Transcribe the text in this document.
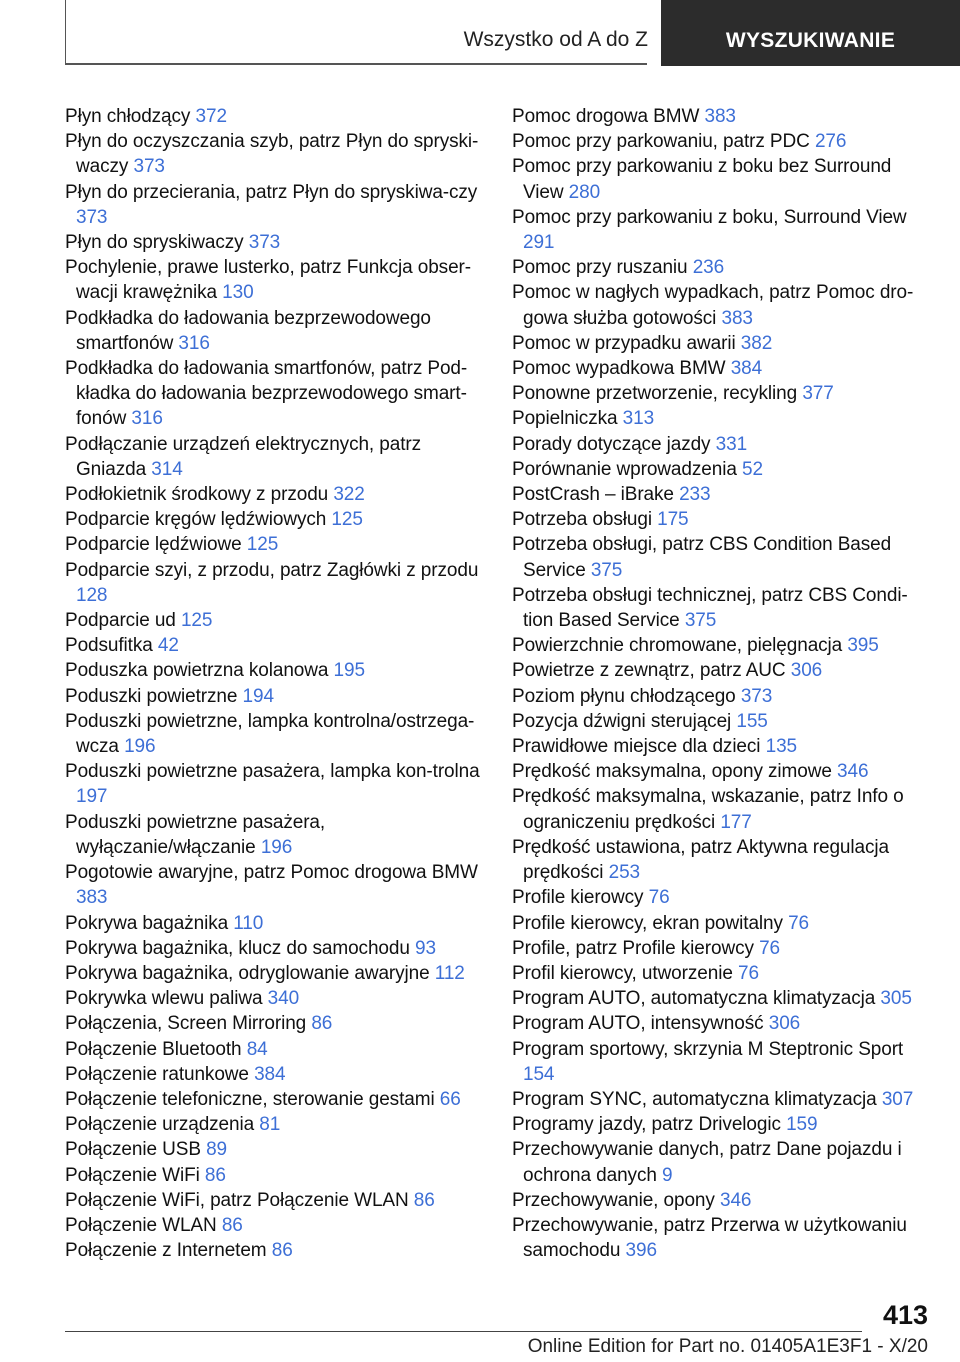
Wszystko od A do Z	WYSZUKIWANIE
Płyn chłodzący 372
Płyn do oczyszczania szyb, patrz Płyn do spryski‐waczy 373
Płyn do przecierania, patrz Płyn do spryskiwa‐czy 373
Płyn do spryskiwaczy 373
Pochylenie, prawe lusterko, patrz Funkcja obser‐wacji krawężnika 130
Podkładka do ładowania bezprzewodowego smartfonów 316
Podkładka do ładowania smartfonów, patrz Pod‐kładka do ładowania bezprzewodowego smart‐fonów 316
Podłączanie urządzeń elektrycznych, patrz Gniazda 314
Podłokietnik środkowy z przodu 322
Podparcie kręgów lędźwiowych 125
Podparcie lędźwiowe 125
Podparcie szyi, z przodu, patrz Zagłówki z przodu 128
Podparcie ud 125
Podsufitka 42
Poduszka powietrzna kolanowa 195
Poduszki powietrzne 194
Poduszki powietrzne, lampka kontrolna/ostrzega‐wcza 196
Poduszki powietrzne pasażera, lampka kon‐trolna 197
Poduszki powietrzne pasażera, wyłączanie/włączanie 196
Pogotowie awaryjne, patrz Pomoc drogowa BMW 383
Pokrywa bagażnika 110
Pokrywa bagażnika, klucz do samochodu 93
Pokrywa bagażnika, odryglowanie awaryjne 112
Pokrywka wlewu paliwa 340
Połączenia, Screen Mirroring 86
Połączenie Bluetooth 84
Połączenie ratunkowe 384
Połączenie telefoniczne, sterowanie gestami 66
Połączenie urządzenia 81
Połączenie USB 89
Połączenie WiFi 86
Połączenie WiFi, patrz Połączenie WLAN 86
Połączenie WLAN 86
Połączenie z Internetem 86
Pomoc drogowa BMW 383
Pomoc przy parkowaniu, patrz PDC 276
Pomoc przy parkowaniu z boku bez Surround View 280
Pomoc przy parkowaniu z boku, Surround View 291
Pomoc przy ruszaniu 236
Pomoc w nagłych wypadkach, patrz Pomoc dro‐gowa służba gotowości 383
Pomoc w przypadku awarii 382
Pomoc wypadkowa BMW 384
Ponowne przetworzenie, recykling 377
Popielniczka 313
Porady dotyczące jazdy 331
Porównanie wprowadzenia 52
PostCrash – iBrake 233
Potrzeba obsługi 175
Potrzeba obsługi, patrz CBS Condition Based Service 375
Potrzeba obsługi technicznej, patrz CBS Condi‐tion Based Service 375
Powierzchnie chromowane, pielęgnacja 395
Powietrze z zewnątrz, patrz AUC 306
Poziom płynu chłodzącego 373
Pozycja dźwigni sterującej 155
Prawidłowe miejsce dla dzieci 135
Prędkość maksymalna, opony zimowe 346
Prędkość maksymalna, wskazanie, patrz Info o ograniczeniu prędkości 177
Prędkość ustawiona, patrz Aktywna regulacja prędkości 253
Profile kierowcy 76
Profile kierowcy, ekran powitalny 76
Profile, patrz Profile kierowcy 76
Profil kierowcy, utworzenie 76
Program AUTO, automatyczna klimatyzacja 305
Program AUTO, intensywność 306
Program sportowy, skrzynia M Steptronic Sport 154
Program SYNC, automatyczna klimatyzacja 307
Programy jazdy, patrz Drivelogic 159
Przechowywanie danych, patrz Dane pojazdu i ochrona danych 9
Przechowywanie, opony 346
Przechowywanie, patrz Przerwa w użytkowaniu samochodu 396
413
Online Edition for Part no. 01405A1E3F1 - X/20
